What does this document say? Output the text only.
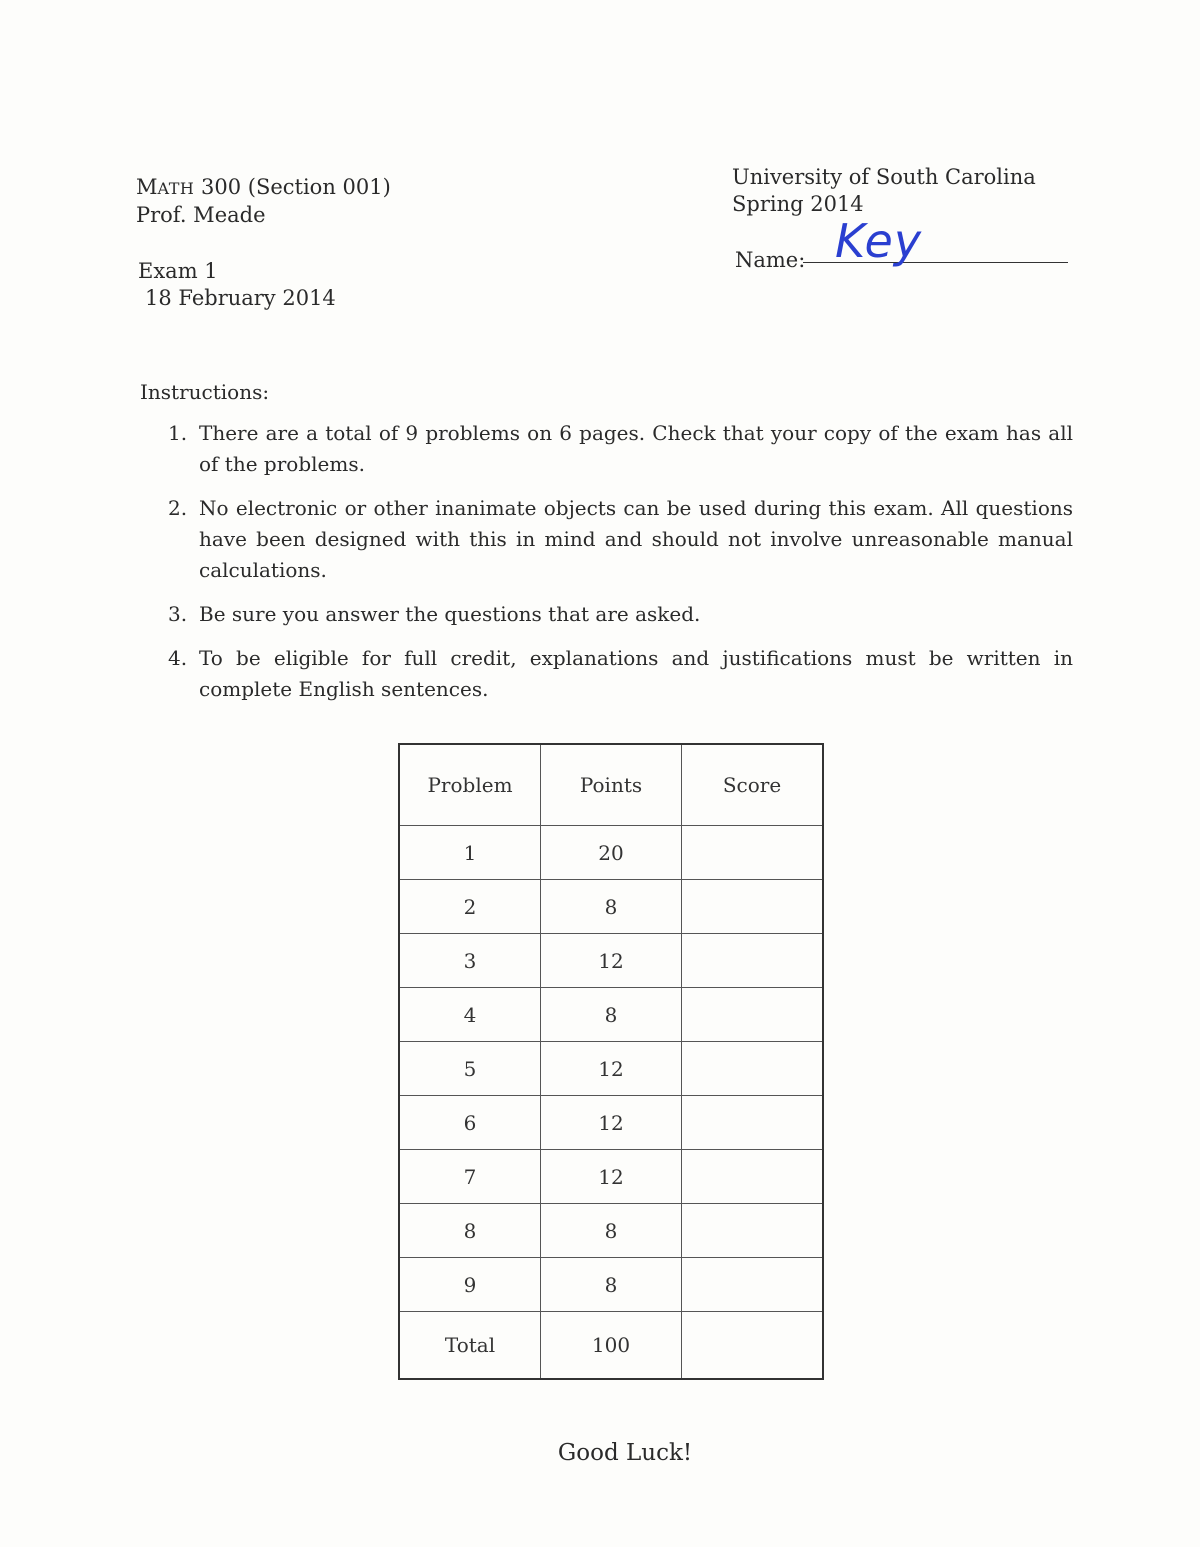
MATH 300 (Section 001)
Prof. Meade
Exam 1
18 February 2014
University of South Carolina
Spring 2014
Name: Key
Instructions:
1. There are a total of 9 problems on 6 pages. Check that your copy of the exam has all of the problems.
2. No electronic or other inanimate objects can be used during this exam. All questions have been designed with this in mind and should not involve unreasonable manual calculations.
3. Be sure you answer the questions that are asked.
4. To be eligible for full credit, explanations and justifications must be written in complete English sentences.
Problem	Points	Score
1	20	
2	8	
3	12	
4	8	
5	12	
6	12	
7	12	
8	8	
9	8	
Total	100	
Good Luck!
